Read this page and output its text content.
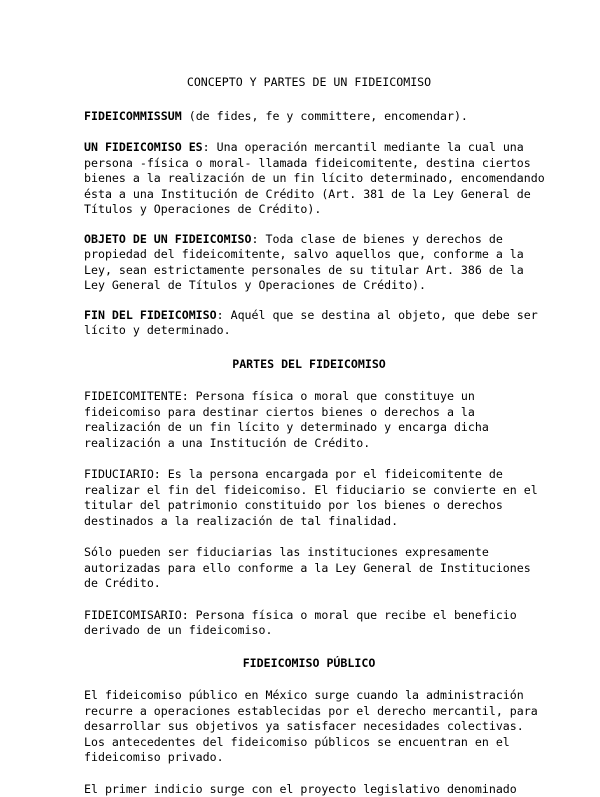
CONCEPTO Y PARTES DE UN FIDEICOMISO

FIDEICOMMISSUM (de fides, fe y committere, encomendar).

UN FIDEICOMISO ES: Una operación mercantil mediante la cual una
persona -física o moral- llamada fideicomitente, destina ciertos
bienes a la realización de un fin lícito determinado, encomendando
ésta a una Institución de Crédito (Art. 381 de la Ley General de
Títulos y Operaciones de Crédito).

OBJETO DE UN FIDEICOMISO: Toda clase de bienes y derechos de
propiedad del fideicomitente, salvo aquellos que, conforme a la
Ley, sean estrictamente personales de su titular Art. 386 de la
Ley General de Títulos y Operaciones de Crédito).

FIN DEL FIDEICOMISO: Aquél que se destina al objeto, que debe ser
lícito y determinado.

PARTES DEL FIDEICOMISO

FIDEICOMITENTE: Persona física o moral que constituye un
fideicomiso para destinar ciertos bienes o derechos a la
realización de un fin lícito y determinado y encarga dicha
realización a una Institución de Crédito.

FIDUCIARIO: Es la persona encargada por el fideicomitente de
realizar el fin del fideicomiso. El fiduciario se convierte en el
titular del patrimonio constituido por los bienes o derechos
destinados a la realización de tal finalidad.

Sólo pueden ser fiduciarias las instituciones expresamente
autorizadas para ello conforme a la Ley General de Instituciones
de Crédito.

FIDEICOMISARIO: Persona física o moral que recibe el beneficio
derivado de un fideicomiso.

FIDEICOMISO PÚBLICO

El fideicomiso público en México surge cuando la administración
recurre a operaciones establecidas por el derecho mercantil, para
desarrollar sus objetivos ya satisfacer necesidades colectivas.
Los antecedentes del fideicomiso públicos se encuentran en el
fideicomiso privado.

El primer indicio surge con el proyecto legislativo denominado
